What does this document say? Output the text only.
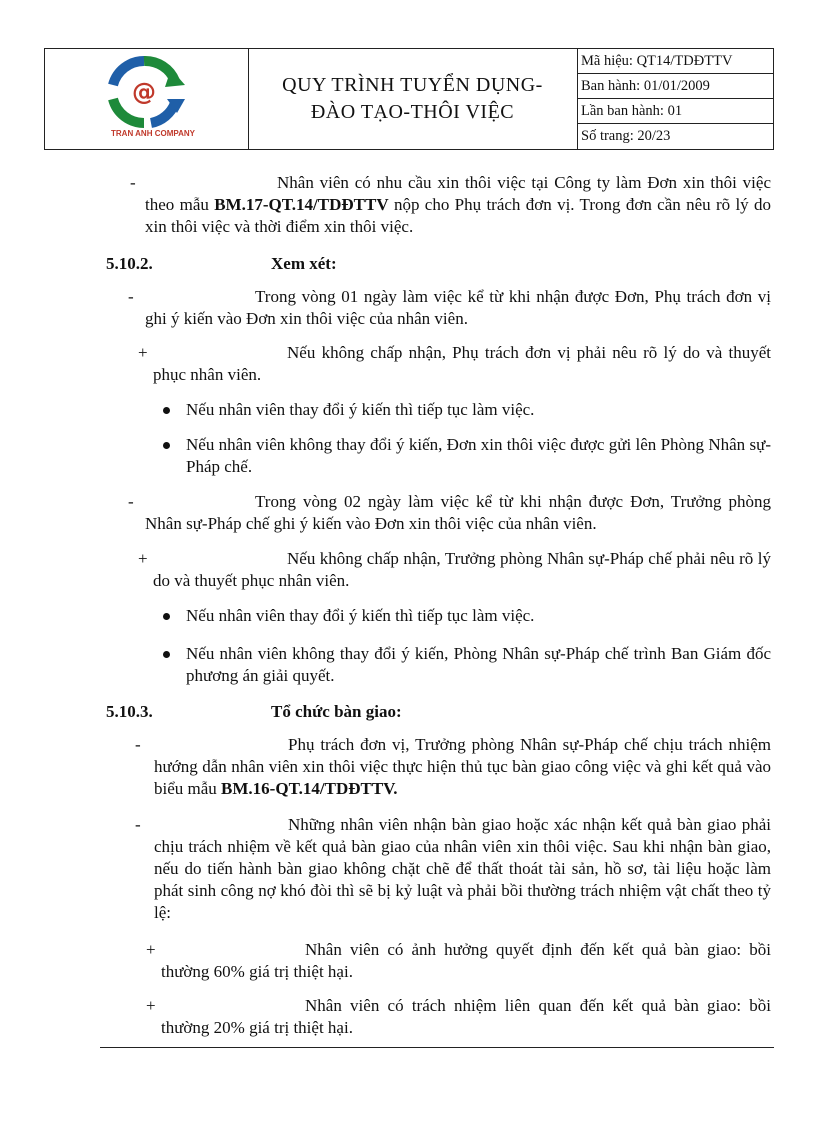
@
TRAN ANH COMPANY
QUY TRÌNH TUYỂN DỤNG-
ĐÀO TẠO-THÔI VIỆC
Mã hiệu: QT14/TDĐTTV
Ban hành: 01/01/2009
Lần ban hành: 01
Số trang: 20/23
-	Nhân viên có nhu cầu xin thôi việc tại Công ty làm Đơn xin thôi việc theo mẫu BM.17-QT.14/TDĐTTV nộp cho Phụ trách đơn vị. Trong đơn cần nêu rõ lý do xin thôi việc và thời điểm xin thôi việc.
5.10.2.	Xem xét:
-	Trong vòng 01 ngày làm việc kể từ khi nhận được Đơn, Phụ trách đơn vị ghi ý kiến vào Đơn xin thôi việc của nhân viên.
+	Nếu không chấp nhận, Phụ trách đơn vị phải nêu rõ lý do và thuyết phục nhân viên.
Nếu nhân viên thay đổi ý kiến thì tiếp tục làm việc.
Nếu nhân viên không thay đổi ý kiến, Đơn xin thôi việc được gửi lên Phòng Nhân sự-Pháp chế.
-	Trong vòng 02 ngày làm việc kể từ khi nhận được Đơn, Trưởng phòng Nhân sự-Pháp chế ghi ý kiến vào Đơn xin thôi việc của nhân viên.
+	Nếu không chấp nhận, Trưởng phòng Nhân sự-Pháp chế phải nêu rõ lý do và thuyết phục nhân viên.
Nếu nhân viên thay đổi ý kiến thì tiếp tục làm việc.
Nếu nhân viên không thay đổi ý kiến, Phòng Nhân sự-Pháp chế trình Ban Giám đốc phương án giải quyết.
5.10.3.	Tổ chức bàn giao:
-	Phụ trách đơn vị, Trưởng phòng Nhân sự-Pháp chế chịu trách nhiệm hướng dẫn nhân viên xin thôi việc thực hiện thủ tục bàn giao công việc và ghi kết quả vào biểu mẫu BM.16-QT.14/TDĐTTV.
-	Những nhân viên nhận bàn giao hoặc xác nhận kết quả bàn giao phải chịu trách nhiệm về kết quả bàn giao của nhân viên xin thôi việc. Sau khi nhận bàn giao, nếu do tiến hành bàn giao không chặt chẽ để thất thoát tài sản, hồ sơ, tài liệu hoặc làm phát sinh công nợ khó đòi thì sẽ bị kỷ luật và phải bồi thường trách nhiệm vật chất theo tỷ lệ:
+	Nhân viên có ảnh hưởng quyết định đến kết quả bàn giao: bồi thường 60% giá trị thiệt hại.
+	Nhân viên có trách nhiệm liên quan đến kết quả bàn giao: bồi thường 20% giá trị thiệt hại.
